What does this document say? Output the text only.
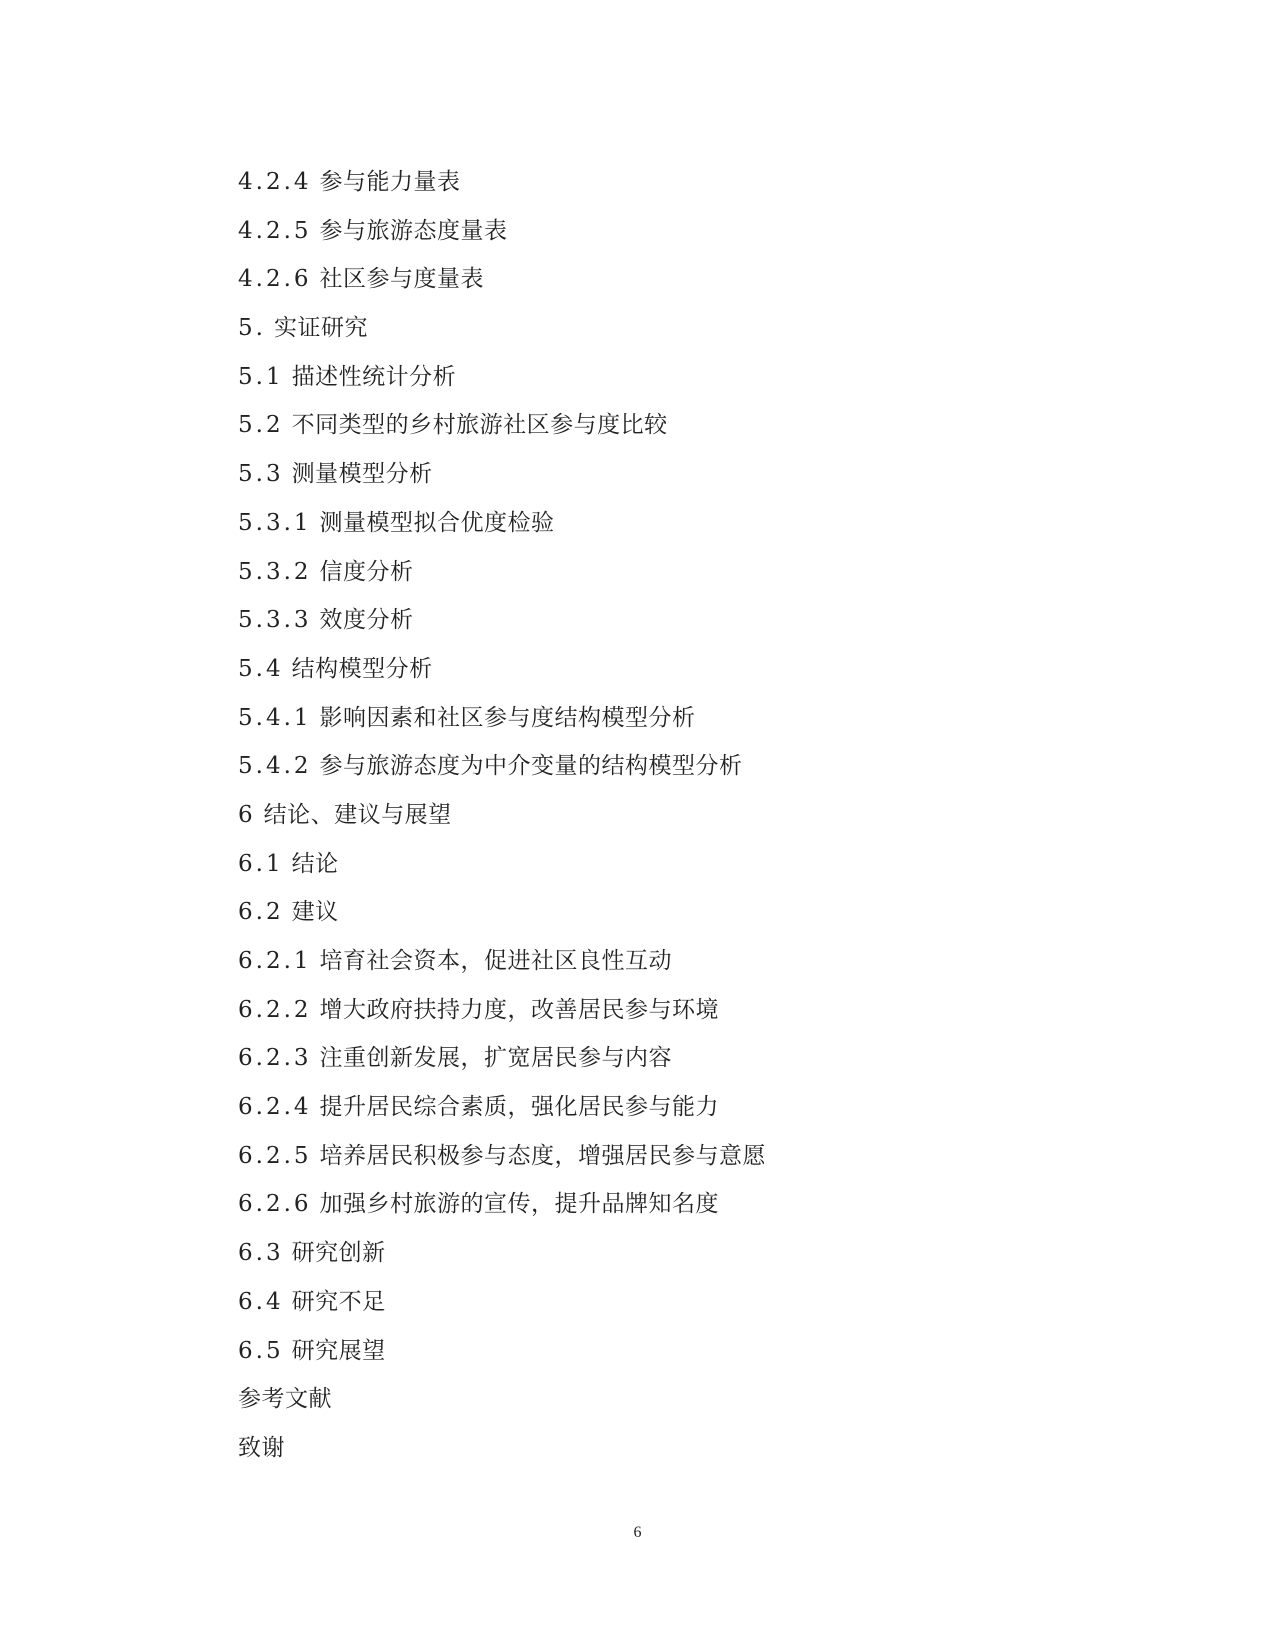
4.2.4 参与能力量表
4.2.5 参与旅游态度量表
4.2.6 社区参与度量表
5. 实证研究
5.1 描述性统计分析
5.2 不同类型的乡村旅游社区参与度比较
5.3 测量模型分析
5.3.1 测量模型拟合优度检验
5.3.2 信度分析
5.3.3 效度分析
5.4 结构模型分析
5.4.1 影响因素和社区参与度结构模型分析
5.4.2 参与旅游态度为中介变量的结构模型分析
6 结论、建议与展望
6.1 结论
6.2 建议
6.2.1 培育社会资本，促进社区良性互动
6.2.2 增大政府扶持力度，改善居民参与环境
6.2.3 注重创新发展，扩宽居民参与内容
6.2.4 提升居民综合素质，强化居民参与能力
6.2.5 培养居民积极参与态度，增强居民参与意愿
6.2.6 加强乡村旅游的宣传，提升品牌知名度
6.3 研究创新
6.4 研究不足
6.5 研究展望
参考文献
致谢
6
